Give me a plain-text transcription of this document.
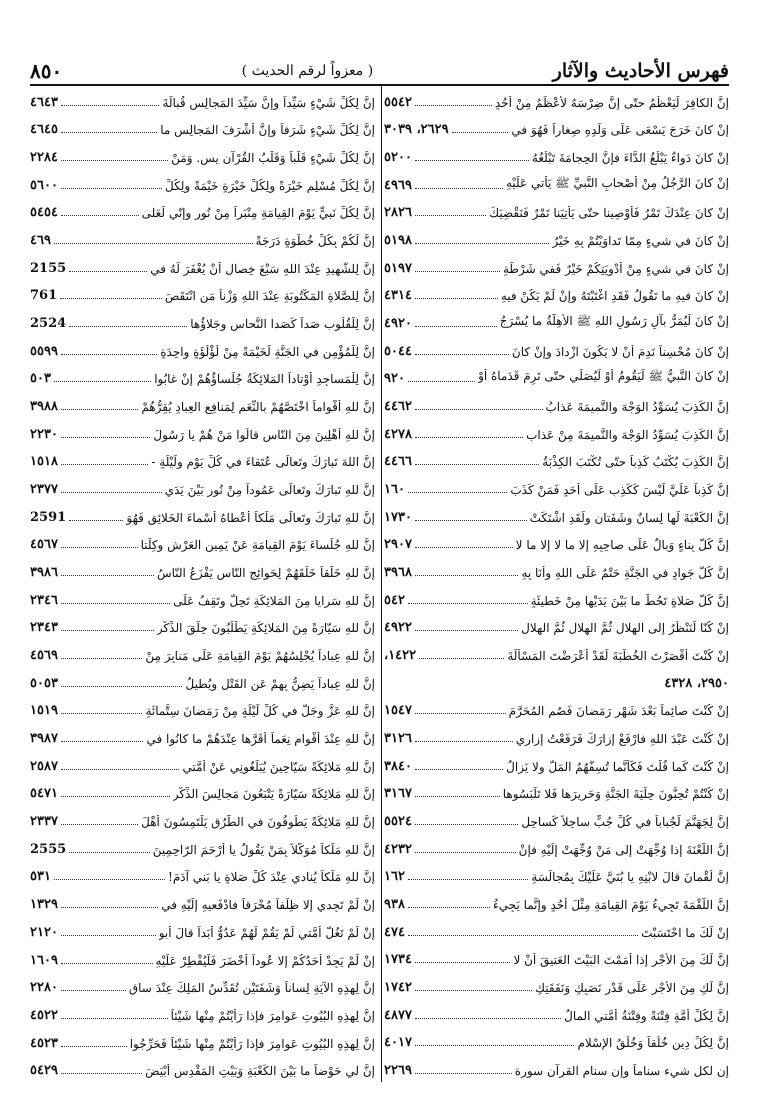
٨٥٠	( معزواً لرقم الحديث )	فهرس الأحاديث والآثار
إنَّ الكافِرَ لَيَعْظُمُ حتّى إنَّ ضِرْسَهُ لأعْظَمُ مِنْ أُحُدٍ
٥٥٤٢
إنْ كانَ خَرَجَ يَسْعَى عَلَى وَلَدِهِ صِغاراً فَهُوَ في
٢٦٢٩، ٣٠٣٩
إنْ كانَ دَواءٌ يَبْلُغُ الدَّاءَ فإنَّ الحِجامَةَ تَبْلُغُهُ
٥٢٠٠
إنْ كانَ الرَّجُلُ مِنْ أصْحابِ النَّبيِّ ﷺ يَأْتي عَلَيْهِ
٤٩٦٩
إنْ كانَ عِنْدَكَ تَمْرٌ فَأَوْصِينا حتّى يَأْتِيَنا تَمْرٌ فَنَقْضِيَكَ
٢٨٢٦
إنْ كانَ في شيءٍ مِمّا تَداوَيْتُمْ بِهِ خَيْرٌ
٥١٩٨
إنْ كانَ في شيءٍ مِنْ أَدْوِيَتِكُمْ خَيْرٌ فَفي شَرْطَةِ
٥١٩٧
إنْ كانَ فيهِ ما تَقُولُ فَقَدِ اغْتَبْتَهُ وإنْ لَمْ يَكُنْ فيهِ
٤٣١٤
إنْ كانَ لَيُمَرُّ بآلِ رَسُولِ اللهِ ﷺ الأَهِلَّةُ ما يُسْرَجُ
٤٩٢٠
إنْ كانَ مُحْسِناً نَدِمَ أنْ لا يَكُونَ ازْدادَ وإنْ كانَ
٥٠٤٤
إنْ كانَ النَّبيُّ ﷺ لَيَقُومُ أَوْ لَيُصَلِّي حتّى تَرِمَ قَدَماهُ أَوْ
٩٢٠
إنَّ الكَذِبَ يُسَوِّدُ الوَجْهَ والنَّميمَةَ عَذابُ
٤٤٦٢
إنَّ الكَذِبَ يُسَوِّدُ الوَجْهَ والنَّميمَةَ مِنْ عَذابِ
٤٢٧٨
إنَّ الكَذِبَ يُكْتَبُ كَذِباً حتّى تُكْتَبَ الكِذْبَةُ
٤٤٦٦
إنَّ كَذِباً عَلَيَّ لَيْسَ كَكَذِبٍ عَلَى أحَدٍ فَمَنْ كَذَبَ
١٦٠
إنَّ الكَعْبَةَ لَها لِسانٌ وشَفَتانِ ولَقَدِ اشْتَكَتْ
١٧٣٠
إنَّ كُلَّ بِناءٍ وَبالٌ عَلَى صاحِبِهِ إلا ما لا إلا ما لا
٢٩٠٧
إنَّ كُلَّ جَوادٍ في الجَنَّةِ حَتْمٌ عَلَى اللهِ وأنَا بِهِ
٣٩٦٨
إنَّ كُلَّ صَلاةٍ تَحُطُّ ما بَيْنَ يَدَيْها مِنْ خَطيئَةٍ
٥٤٢
إنْ كُنّا لَنَنْظُرُ إلى الهِلالِ ثُمَّ الهِلالِ ثُمَّ الهِلالِ
٤٩٢٢
إنْ كُنْتَ أقْصَرْتَ الخُطْبَةَ لَقَدْ أعْرَضْتَ المَسْأَلَةَ
١٤٢٢،
٢٩٥٠، ٤٣٢٨
إنْ كُنْتَ صائِماً بَعْدَ شَهْرِ رَمَضانَ فَصُمِ المُحَرَّمَ
١٥٤٧
إنْ كُنْتَ عَبْدَ اللهِ فارْفَعْ إزارَكَ فَرَفَعْتُ إزاري
٣١٢٦
إنْ كُنْتَ كَما قُلْتَ فَكَأَنَّما تُسِفُّهُمُ المَلَّ ولا يَزالُ
٣٨٤٠
إنْ كُنْتُمْ تُحِبُّونَ حِلْيَةَ الجَنَّةِ وَحَريرَها فَلا تَلْبَسُوها
٣١٦٧
إنَّ لِجَهَنَّمَ لَجُباباً في كُلِّ جُبٍّ ساحِلاً كَساحِلِ
٥٥٢٤
إنَّ اللَّعْنَةَ إذا وُجِّهَتْ إلى مَنْ وُجِّهَتْ إلَيْهِ فإنْ
٤٢٣٢
إنَّ لُقْمانَ قالَ لابْنِهِ يا بُنَيَّ عَلَيْكَ بِمُجالَسَةِ
١٦٢
إنَّ اللُّقْمَةَ تَجِيءُ يَوْمَ القِيامَةِ مِثْلَ أُحُدٍ وإنَّما يَجِيءُ
٩٣٨
إنْ لَكَ ما احْتَسَبْتَ
٤٧٤
إنَّ لَكَ مِنَ الأجْرِ إذا أمَمْتَ البَيْتَ العَتيقَ أنْ لا
١٧٣٤
إنَّ لَكِ مِنَ الأجْرِ عَلَى قَدْرِ نَصَبِكِ وَنَفَقَتِكِ
١٧٤٢
إنَّ لِكُلِّ أُمَّةٍ فِتْنَةً وفِتْنَةُ أُمَّتي المالُ
٤٨٧٧
إنَّ لِكُلِّ دِينٍ خُلُقاً وَخُلُقُ الإسْلامِ
٤٠١٧
إن لكل شيء سناماً وإن سنام القرآن سورة
٢٢٦٩
إنَّ لِكُلِّ شَيْءٍ سَيِّداً وإنَّ سَيِّدَ المَجالِسِ قُبالَةَ
٤٦٤٣
إنَّ لِكُلِّ شَيْءٍ شَرَفاً وإنَّ أشْرَفَ المَجالِسِ ما
٤٦٤٥
إنَّ لِكُلِّ شَيْءٍ قَلْباً وَقَلْبُ القُرْآنِ يس. وَمَنْ
٢٢٨٤
إنَّ لِكُلِّ مُسْلِمٍ خَيْرَةً ولِكُلِّ خَيْرَةٍ خَيْمَةً ولِكُلِّ
٥٦٠٠
إنَّ لِكُلِّ نَبيٍّ يَوْمَ القِيامَةِ مِنْبَراً مِنْ نُورٍ وإنّي لَعَلى
٥٤٥٤
إنَّ لَكُمْ بِكُلِّ خُطْوَةٍ دَرَجَةً
٤٦٩
إنَّ لِلشَّهيدِ عِنْدَ اللهِ سَبْعَ خِصالٍ أنْ يُغْفَرَ لَهُ في
2155
إنَّ لِلصَّلاةِ المَكْتُوبَةِ عِنْدَ اللهِ وَزْناً مَنِ انْتَقَصَ
761
إنَّ لِلْقُلُوبِ صَداً كَصَدا النُّحاسِ وجَلاؤُها
2524
إنَّ لِلْمُؤْمِنِ في الجَنَّةِ لَخَيْمَةً مِنْ لُؤْلُؤَةٍ واحِدَةٍ
٥٥٩٩
إنَّ لِلْمَساجِدِ أوْتاداً المَلائِكَةُ جُلَساؤُهُمْ إنْ غابُوا
٥٠٣
إنَّ للهِ أقْواماً اخْتَصَّهُمْ بالنِّعَمِ لِمَنافِعِ العِبادِ يُقِرُّهُمْ
٣٩٨٨
إنَّ للهِ أهْلِينَ مِنَ النّاسِ قالُوا مَنْ هُمْ يا رَسُولَ
٢٢٣٠
إنَّ اللهَ تَبارَكَ وتَعالَى عُتَقاءَ في كُلِّ يَوْمٍ ولَيْلَةٍ -
١٥١٨
إنَّ للهِ تَبارَكَ وتَعالَى عَمُوداً مِنْ نُورٍ بَيْنَ يَدَي
٢٣٧٧
إنَّ للهِ تَبارَكَ وتَعالَى مَلَكاً أعْطاهُ أسْماءَ الخَلائِقِ فَهُوَ
2591
إنَّ للهِ جُلَساءَ يَوْمَ القِيامَةِ عَنْ يَمِينِ العَرْشِ وكِلْتا
٤٥٦٧
إنَّ للهِ خَلْقاً خَلَقَهُمْ لِحَوائِجِ النّاسِ يَفْزَعُ النّاسُ
٣٩٨٦
إنَّ للهِ سَرايا مِنَ المَلائِكَةِ تَحِلُّ وتَقِفُ عَلَى
٢٣٤٦
إنَّ للهِ سَيّارَةً مِنَ المَلائِكَةِ يَطْلُبُونَ حِلَقَ الذِّكْرِ
٢٣٤٣
إنَّ للهِ عِباداً يُجْلِسُهُمْ يَوْمَ القِيامَةِ عَلَى مَنابِرَ مِنْ
٤٥٦٩
إنَّ للهِ عِباداً يَضِنُّ بِهِمْ عَنِ القَتْلِ ويُطيلُ
٥٠٥٣
إنَّ للهِ عَزَّ وجَلَّ في كُلِّ لَيْلَةٍ مِنْ رَمَضانَ سِتَّمائَةِ
١٥١٩
إنَّ للهِ عِنْدَ أقْوامٍ نِعَماً أقَرَّها عِنْدَهُمْ ما كانُوا في
٣٩٨٧
إنَّ للهِ مَلائِكَةً سَيّاحِينَ يُبَلِّغُونِي عَنْ أُمَّتي
٢٥٨٧
إنَّ للهِ مَلائِكَةً سَيّارَةً يَتْبَعُونَ مَجالِسَ الذِّكْرِ
٥٤٧١
إنَّ للهِ مَلائِكَةً يَطُوفُونَ في الطُّرُقِ يَلْتَمِسُونَ أهْلَ
٢٣٣٧
إنَّ للهِ مَلَكاً مُوَكَّلاً بِمَنْ يَقُولُ يا أرْحَمَ الرّاحِمِينَ
2555
إنَّ للهِ مَلَكاً يُنادي عِنْدَ كُلِّ صَلاةٍ يا بَني آدَمَ!
٥٣١
إنْ لَمْ تَجِدي إلا ظِلْفاً مُحْرَقاً فادْفَعيهِ إلَيْهِ في
١٣٢٩
إنْ لَمْ تَغُلَّ أُمَّتي لَمْ يَقُمْ لَهُمْ عَدُوٌّ أبَداً قالَ أبو
٢١٢٠
إنْ لَمْ يَجِدْ أحَدُكُمْ إلا عُوداً أخْضَرَ فَلْيُفْطِرْ عَلَيْهِ
١٦٠٩
إنَّ لِهذِهِ الآيَةِ لِساناً وَشَفَتَيْنِ تُقَدِّسُ المَلِكَ عِنْدَ ساقِ
٢٢٨٠
إنَّ لِهذِهِ البُيُوتِ عَوامِرَ فإذا رَأَيْتُمْ مِنْها شَيْئاً
٤٥٢٢
إنَّ لِهذِهِ البُيُوتِ عَوامِرَ فإذا رَأَيْتُمْ مِنْها شَيْئاً فَحَرِّجُوا
٤٥٢٣
إنَّ لي حَوْضاً ما بَيْنَ الكَعْبَةِ وَبَيْتِ المَقْدِسِ أبْيَضَ
٥٤٢٩
